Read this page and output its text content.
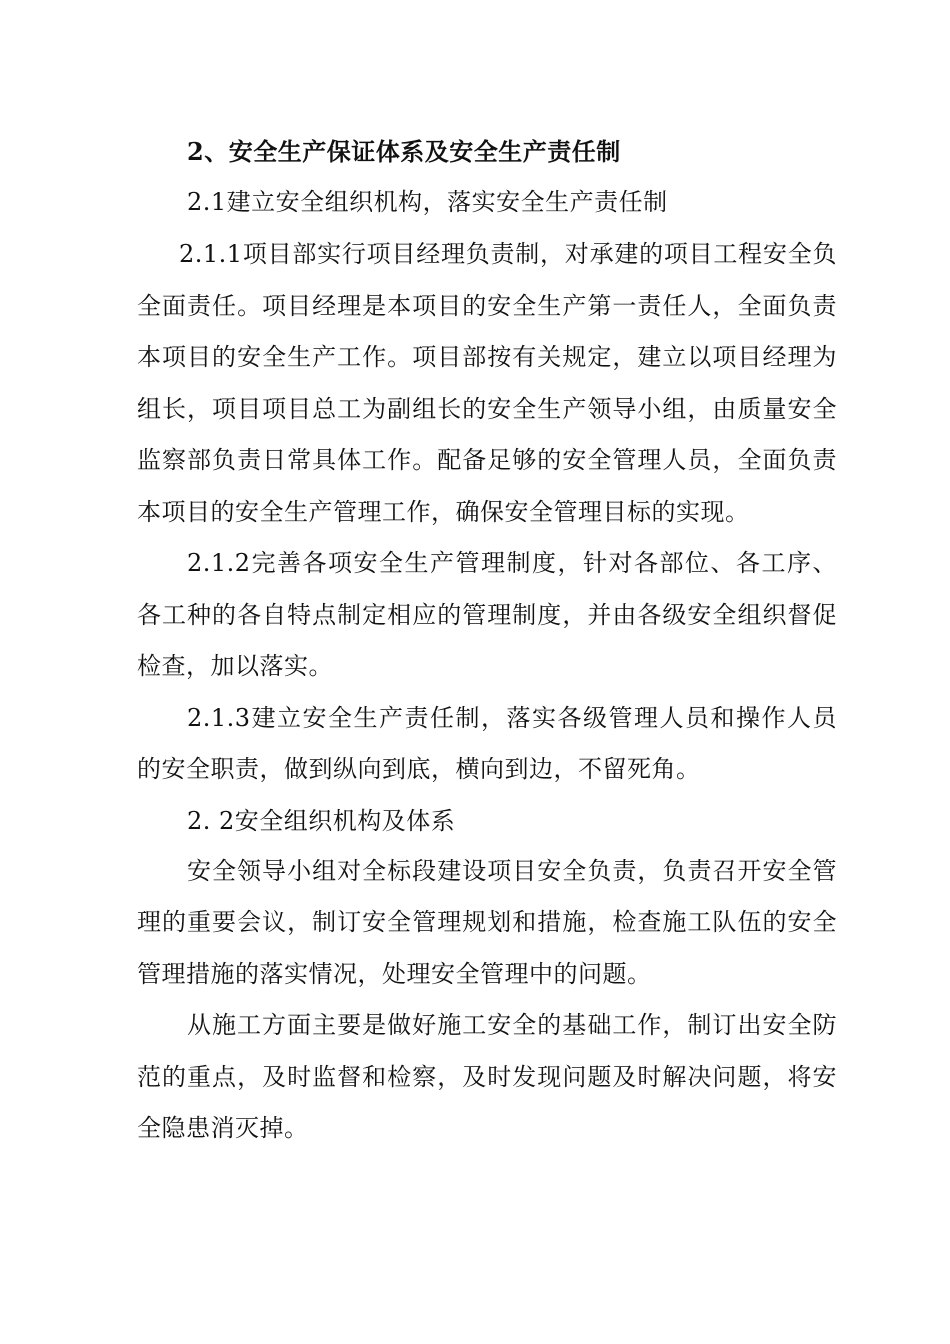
2、安全生产保证体系及安全生产责任制

2.1建立安全组织机构，落实安全生产责任制

2.1.1项目部实行项目经理负责制，对承建的项目工程安全负全面责任。项目经理是本项目的安全生产第一责任人，全面负责本项目的安全生产工作。项目部按有关规定，建立以项目经理为组长，项目项目总工为副组长的安全生产领导小组，由质量安全监察部负责日常具体工作。配备足够的安全管理人员，全面负责本项目的安全生产管理工作，确保安全管理目标的实现。

2.1.2完善各项安全生产管理制度，针对各部位、各工序、各工种的各自特点制定相应的管理制度，并由各级安全组织督促检查，加以落实。

2.1.3建立安全生产责任制，落实各级管理人员和操作人员的安全职责，做到纵向到底，横向到边，不留死角。

2. 2安全组织机构及体系

安全领导小组对全标段建设项目安全负责，负责召开安全管理的重要会议，制订安全管理规划和措施，检查施工队伍的安全管理措施的落实情况，处理安全管理中的问题。

从施工方面主要是做好施工安全的基础工作，制订出安全防范的重点，及时监督和检察，及时发现问题及时解决问题，将安全隐患消灭掉。
